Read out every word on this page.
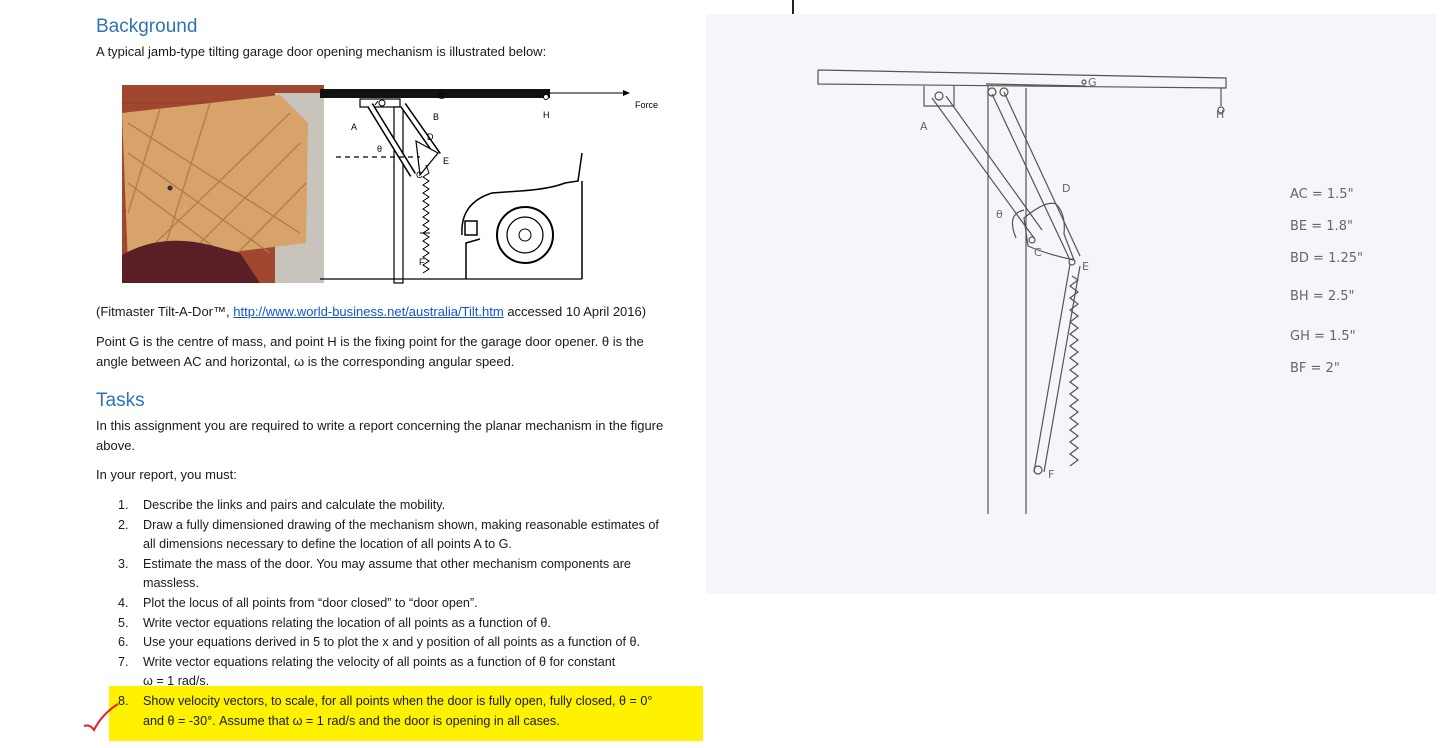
Background
A typical jamb-type tilting garage door opening mechanism is illustrated below:
Force
G
B	H
A
D
θ
E
C
F
(Fitmaster Tilt-A-Dor™, http://www.world-business.net/australia/Tilt.htm accessed 10 April 2016)
Point G is the centre of mass, and point H is the fixing point for the garage door opener. θ is the
angle between AC and horizontal, ω is the corresponding angular speed.
Tasks
In this assignment you are required to write a report concerning the planar mechanism in the figure
above.
In your report, you must:
1. Describe the links and pairs and calculate the mobility.
2. Draw a fully dimensioned drawing of the mechanism shown, making reasonable estimates of
all dimensions necessary to define the location of all points A to G.
3. Estimate the mass of the door. You may assume that other mechanism components are
massless.
4. Plot the locus of all points from “door closed” to “door open”.
5. Write vector equations relating the location of all points as a function of θ.
6. Use your equations derived in 5 to plot the x and y position of all points as a function of θ.
7. Write vector equations relating the velocity of all points as a function of θ for constant
ω = 1 rad/s.
8. Show velocity vectors, to scale, for all points when the door is fully open, fully closed, θ = 0°
and θ = -30°. Assume that ω = 1 rad/s and the door is opening in all cases.
G
H
A
D
θ
C
E
F
AC = 1.5"
BE = 1.8"
BD = 1.25"
BH = 2.5"
GH = 1.5"
BF = 2"
